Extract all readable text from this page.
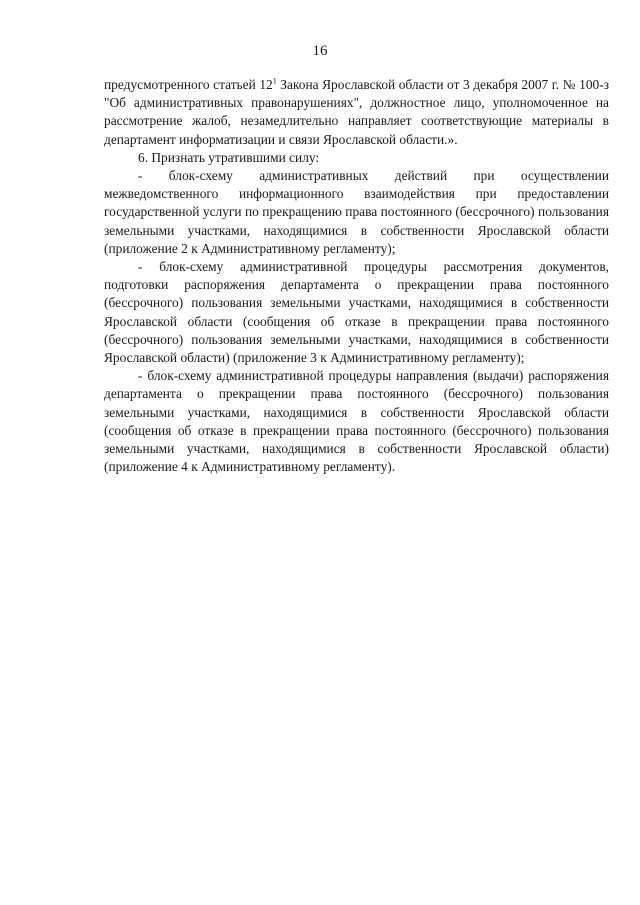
16

предусмотренного статьей $12^1$ Закона Ярославской области от 3 декабря 2007 г. № 100-з "Об административных правонарушениях", должностное лицо, уполномоченное на рассмотрение жалоб, незамедлительно направляет соответствующие материалы в департамент информатизации и связи Ярославской области.».

6. Признать утратившими силу:

- блок-схему административных действий при осуществлении межведомственного информационного взаимодействия при предоставлении государственной услуги по прекращению права постоянного (бессрочного) пользования земельными участками, находящимися в собственности Ярославской области (приложение 2 к Административному регламенту);

- блок-схему административной процедуры рассмотрения документов, подготовки распоряжения департамента о прекращении права постоянного (бессрочного) пользования земельными участками, находящимися в собственности Ярославской области (сообщения об отказе в прекращении права постоянного (бессрочного) пользования земельными участками, находящимися в собственности Ярославской области) (приложение 3 к Административному регламенту);

- блок-схему административной процедуры направления (выдачи) распоряжения департамента о прекращении права постоянного (бессрочного) пользования земельными участками, находящимися в собственности Ярославской области (сообщения об отказе в прекращении права постоянного (бессрочного) пользования земельными участками, находящимися в собственности Ярославской области) (приложение 4 к Административному регламенту).
